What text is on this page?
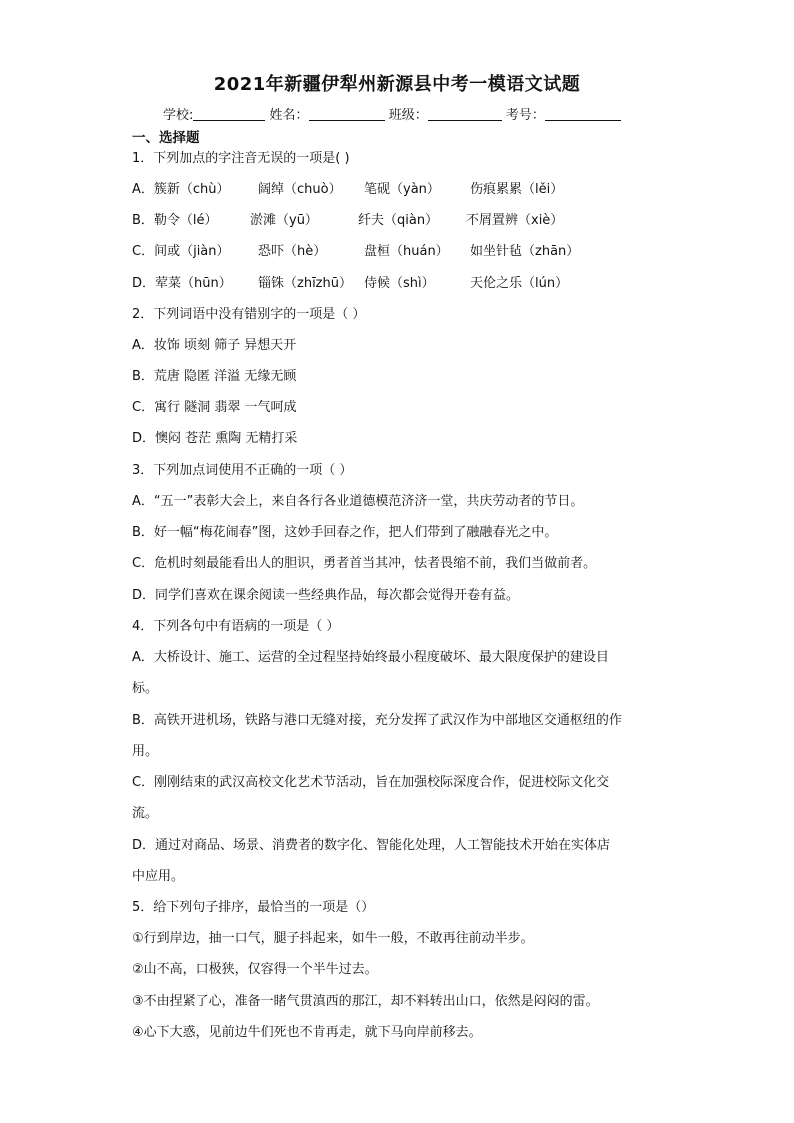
2021年新疆伊犁州新源县中考一模语文试题
学校:	姓名：	班级：	考号：
一、选择题
1．下列加点的字注音无误的一项是( )
A．簇新（chù） 阔绰（chuò） 笔砚（yàn） 伤痕累累（lěi）
B．勒令（lé） 淤滩（yū）	纤夫（qiàn） 不屑置辨（xiè）
C．间或（jiàn） 恐吓（hè）	盘桓（huán） 如坐针毡（zhān）
D．荤菜（hūn） 锱铢（zhīzhū） 侍候（shì）	天伦之乐（lún）
2．下列词语中没有错别字的一项是（ ）
A．妆饰 顷刻 筛子 异想天开
B．荒唐 隐匿 洋溢 无缘无顾
C．寓行 隧洞 翡翠 一气呵成
D．懊闷 苍茫 熏陶 无精打采
3．下列加点词使用不正确的一项（ ）
A．“五一”表彰大会上，来自各行各业道德模范济济一堂，共庆劳动者的节日。
B．好一幅“梅花闹春”图，这妙手回春之作，把人们带到了融融春光之中。
C．危机时刻最能看出人的胆识，勇者首当其冲，怯者畏缩不前，我们当做前者。
D．同学们喜欢在课余阅读一些经典作品，每次都会觉得开卷有益。
4．下列各句中有语病的一项是（ ）
A．大桥设计、施工、运营的全过程坚持始终最小程度破坏、最大限度保护的建设目
标。
B．高铁开进机场，铁路与港口无缝对接，充分发挥了武汉作为中部地区交通枢纽的作
用。
C．刚刚结束的武汉高校文化艺术节活动，旨在加强校际深度合作，促进校际文化交
流。
D．通过对商品、场景、消费者的数字化、智能化处理，人工智能技术开始在实体店
中应用。
5．给下列句子排序，最恰当的一项是（）
①行到岸边，抽一口气，腿子抖起来，如牛一般，不敢再往前动半步。
②山不高，口极狭，仅容得一个半牛过去。
③不由捏紧了心，准备一睹气贯滇西的那江，却不料转出山口，依然是闷闷的雷。
④心下大惑，见前边牛们死也不肯再走，就下马向岸前移去。
